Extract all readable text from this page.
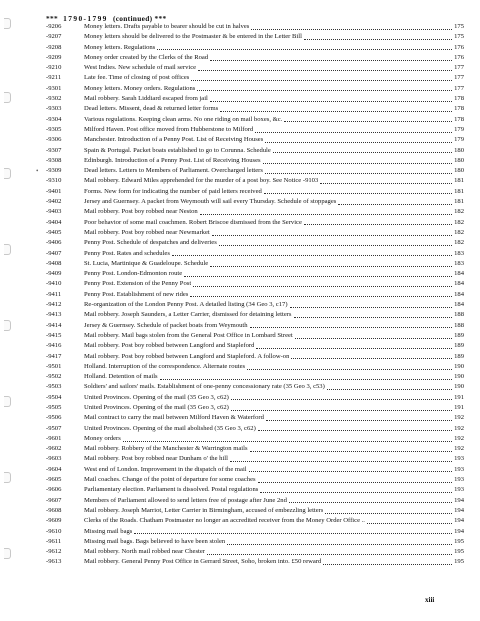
•
*** 1790-1799 (continued) ***
-9206	Money letters. Drafts payable to bearer should be cut in halves	175
-9207	Money letters should be delivered to the Postmaster & be entered in the Letter Bill	175
-9208	Money letters. Regulations	176
-9209	Money order created by the Clerks of the Road	176
-9210	West Indies. New schedule of mail service	177
-9211	Late fee. Time of closing of post offices	177
-9301	Money letters. Money orders. Regulations	177
-9302	Mail robbery. Sarah Liddiard escaped from jail	178
-9303	Dead letters. Missent, dead & returned letter forms	178
-9304	Various regulations. Keeping clean arms. No one riding on mail boxes, &c.	178
-9305	Milford Haven. Post office moved from Hubberstone to Milford	179
-9306	Manchester. Introduction of a Penny Post. List of Receiving Houses	179
-9307	Spain & Portugal. Packet boats established to go to Corunna. Schedule	180
-9308	Edinburgh. Introduction of a Penny Post. List of Receiving Houses	180
-9309	Dead letters. Letters to Members of Parliament. Overcharged letters	180
-9310	Mail robbery. Edward Miles apprehended for the murder of a post boy. See Notice -9103	181
-9401	Forms. New form for indicating the number of paid letters received	181
-9402	Jersey and Guernsey. A packet from Weymouth will sail every Thursday. Schedule of stoppages	181
-9403	Mail robbery. Post boy robbed near Neston	182
-9404	Poor behavior of some mail coachmen. Robert Briscoe dismissed from the Service	182
-9405	Mail robbery. Post boy robbed near Newmarket	182
-9406	Penny Post. Schedule of despatches and deliveries	182
-9407	Penny Post. Rates and schedules	183
-9408	St. Lucia, Martinique & Guadeloupe. Schedule	183
-9409	Penny Post. London-Edmonton route	184
-9410	Penny Post. Extension of the Penny Post	184
-9411	Penny Post. Establishment of new rides	184
-9412	Re-organization of the London Penny Post. A detailed listing (34 Geo 3, c17)	184
-9413	Mail robbery. Joseph Saunders, a Letter Carrier, dismissed for detaining letters	188
-9414	Jersey & Guernsey. Schedule of packet boats from Weymouth	188
-9415	Mail robbery. Mail bags stolen from the General Post Office in Lombard Street	189
-9416	Mail robbery. Post boy robbed between Langford and Stapleford	189
-9417	Mail robbery. Post boy robbed between Langford and Stapleford. A follow-on	189
-9501	Holland. Interruption of the correspondence. Alternate routes	190
-9502	Holland. Detention of mails	190
-9503	Soldiers' and sailors' mails. Establishment of one-penny concessionary rate (35 Geo 3, c53)	190
-9504	United Provinces. Opening of the mail (35 Geo 3, c62)	191
-9505	United Provinces. Opening of the mail (35 Geo 3, c62)	191
-9506	Mail contract to carry the mail between Milford Haven & Waterford	192
-9507	United Provinces. Opening of the mail abolished (35 Geo 3, c62)	192
-9601	Money orders	192
-9602	Mail robbery. Robbery of the Manchester & Warrington mails	192
-9603	Mail robbery. Post boy robbed near Dunham o' the hill	193
-9604	West end of London. Improvement in the dispatch of the mail	193
-9605	Mail coaches. Change of the point of departure for some coaches	193
-9606	Parliamentary election. Parliament is dissolved. Postal regulations	193
-9607	Members of Parliament allowed to send letters free of postage after June 2nd	194
-9608	Mail robbery. Joseph Marriot, Letter Carrier in Birmingham, accused of embezzling letters	194
-9609	Clerks of the Roads. Chatham Postmaster no longer an accredited receiver from the Money Order Office ..	194
-9610	Missing mail bags	194
-9611	Missing mail bags. Bags believed to have been stolen	195
-9612	Mail robbery. North mail robbed near Chester	195
-9613	Mail robbery. General Penny Post Office in Gerrard Street, Soho, broken into. £50 reward	195
xiii
